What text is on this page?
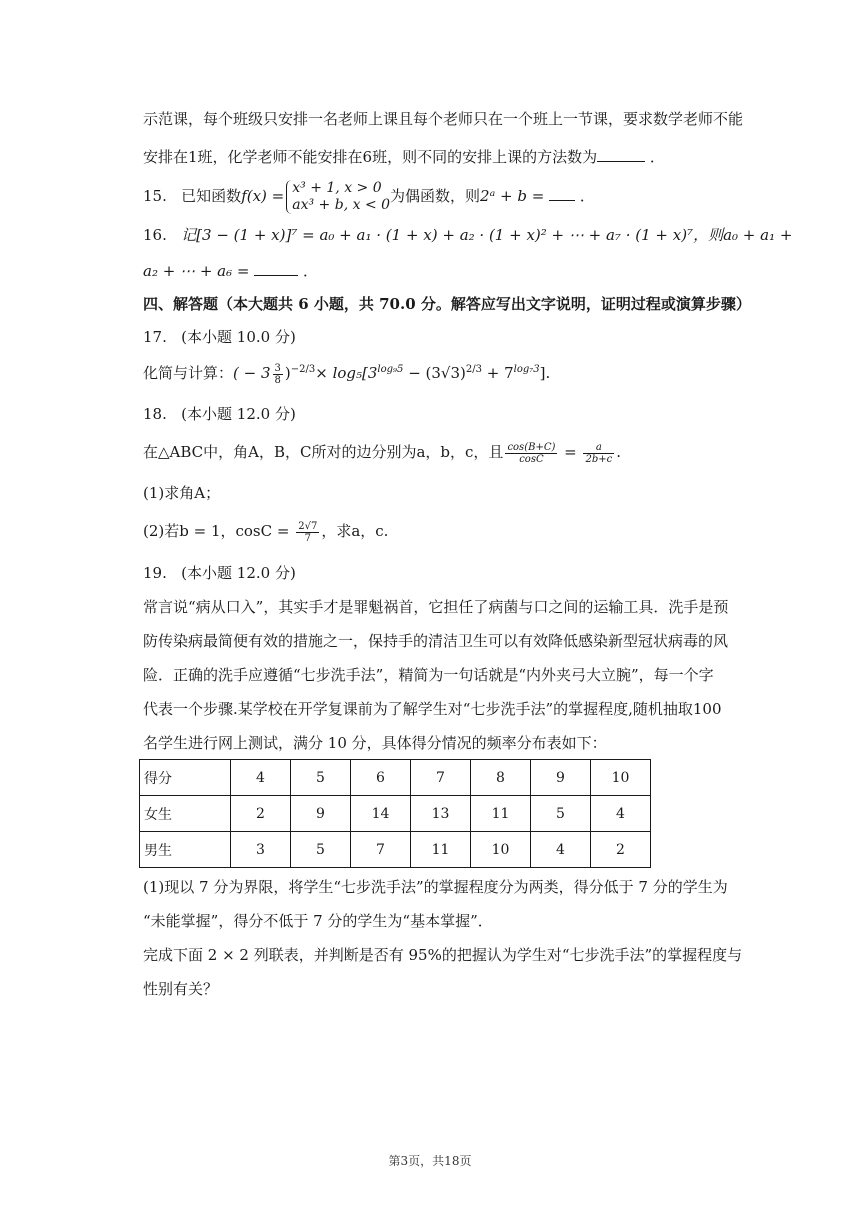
示范课，每个班级只安排一名老师上课且每个老师只在一个班上一节课，要求数学老师不能
安排在1班，化学老师不能安排在6班，则不同的安排上课的方法数为	．
15. 已知函数f(x) = x³ + 1, x > 0
ax³ + b, x < 0 为偶函数，则2ᵃ + b = ．
16. 记[3 − (1 + x)]⁷ = a₀ + a₁ · (1 + x) + a₂ · (1 + x)² + ⋯ + a₇ · (1 + x)⁷，则a₀ + a₁ +
a₂ + ⋯ + a₆ =	．
四、解答题（本大题共 6 小题，共 70.0 分。解答应写出文字说明，证明过程或演算步骤）
17. (本小题 10.0 分)
化简与计算：( − $3 \frac{3}{8} )^{-2/3}\times \log_5[3^{log_95} - (3√3)^{2/3} + 7^{log_73}]$.
18. (本小题 12.0 分)
在△ABC中，角A，B，C所对的边分别为a，b，c，且 $\frac{\cos(B+C)}{\cos C} = \frac{a}{2b+c}$ .
(1)求角A；
(2)若b = 1，$\cos C = \frac{2√7}{7}$ ，求a，c.
19. (本小题 12.0 分)
常言说“病从口入”，其实手才是罪魁祸首，它担任了病菌与口之间的运输工具．洗手是预
防传染病最简便有效的措施之一，保持手的清洁卫生可以有效降低感染新型冠状病毒的风
险．正确的洗手应遵循“七步洗手法”，精简为一句话就是“内外夹弓大立腕”，每一个字
代表一个步骤.某学校在开学复课前为了解学生对“七步洗手法”的掌握程度,随机抽取100
名学生进行网上测试，满分 10 分，具体得分情况的频率分布表如下：
得分	4	5	6	7	8	9	10
女生	2	9	14	13	11	5	4
男生	3	5	7	11	10	4	2
(1)现以 7 分为界限，将学生“七步洗手法”的掌握程度分为两类，得分低于 7 分的学生为
“未能掌握”，得分不低于 7 分的学生为“基本掌握”．
完成下面 2 × 2 列联表，并判断是否有 95%的把握认为学生对“七步洗手法”的掌握程度与
性别有关？
第3页，共18页
